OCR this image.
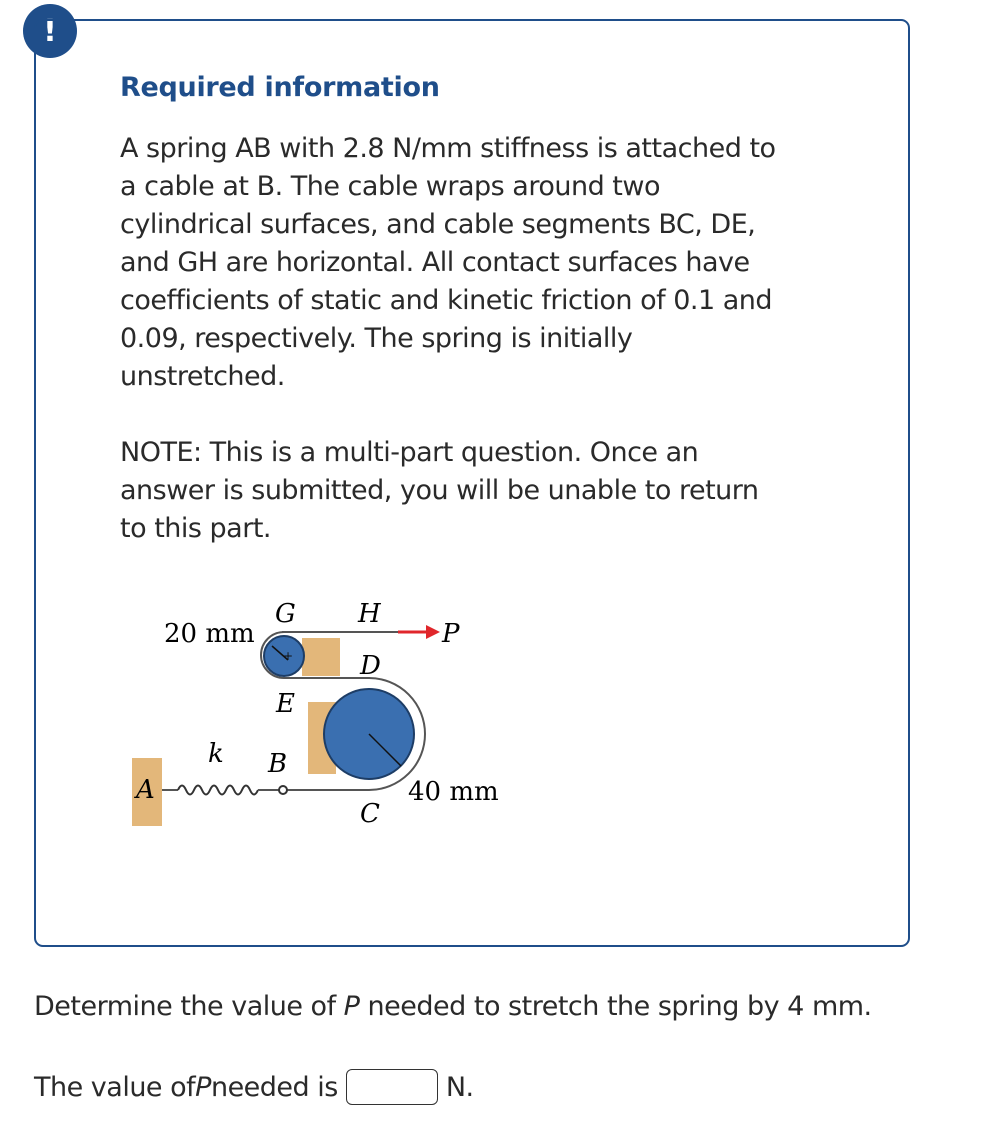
!
Required information

A spring AB with 2.8 N/mm stiffness is attached to
a cable at B. The cable wraps around two
cylindrical surfaces, and cable segments BC, DE,
and GH are horizontal. All contact surfaces have
coefficients of static and kinetic friction of 0.1 and
0.09, respectively. The spring is initially
unstretched.

NOTE: This is a multi-part question. Once an
answer is submitted, you will be unable to return
to this part.

+
20 mm
G H
P
D
E
k B
A
C
40 mm

Determine the value of P needed to stretch the spring by 4 mm.

The value of P needed is	N.
